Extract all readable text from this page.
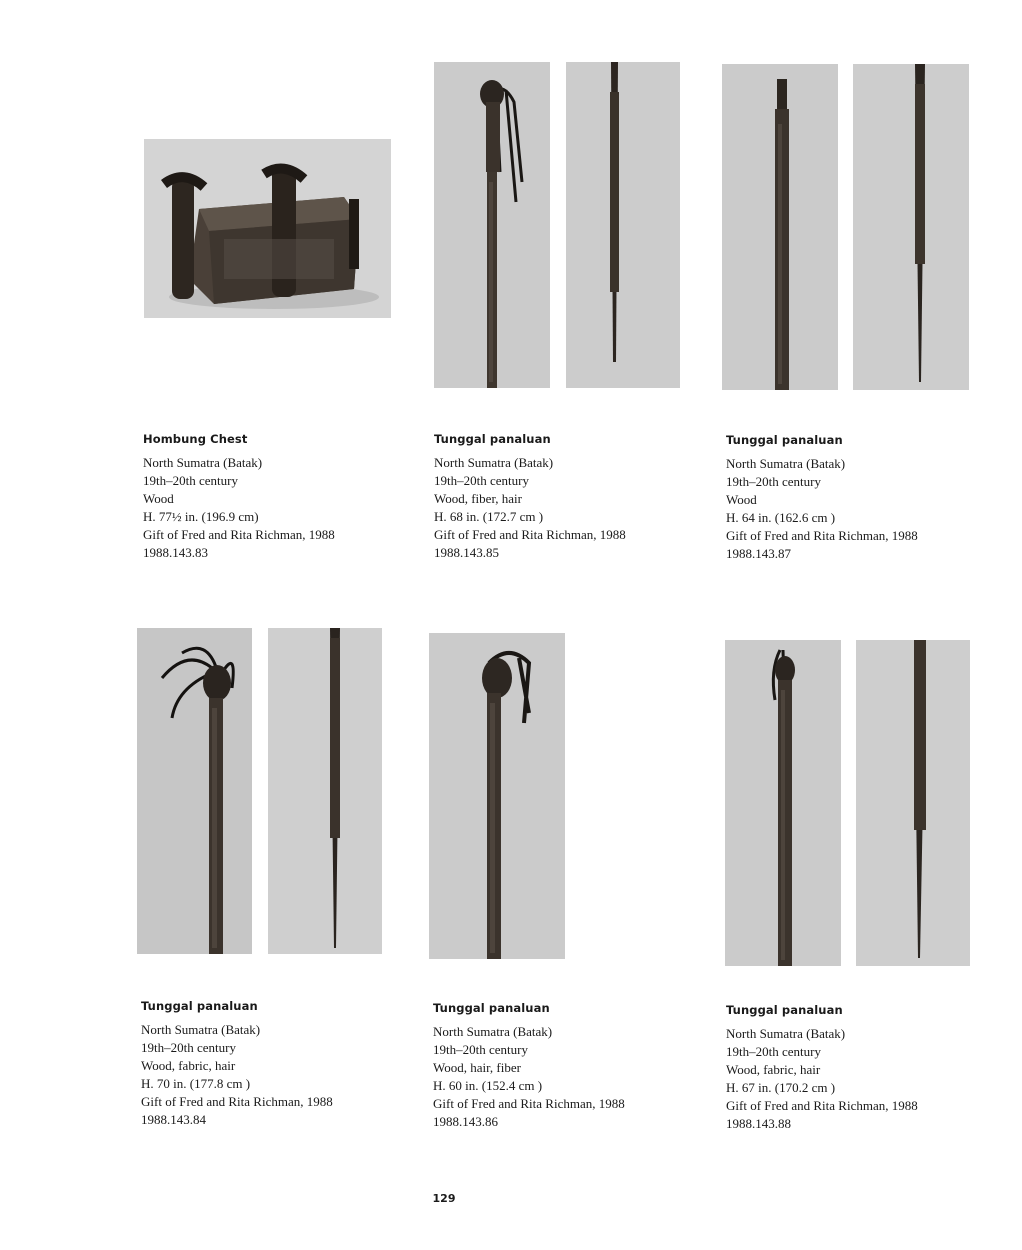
Hombung Chest

North Sumatra (Batak)

19th–20th century

Wood

H. 77½ in. (196.9 cm)

Gift of Fred and Rita Richman, 1988

1988.143.83

Tunggal panaluan

North Sumatra (Batak)

19th–20th century

Wood, fiber, hair

H. 68 in. (172.7 cm )

Gift of Fred and Rita Richman, 1988

1988.143.85

Tunggal panaluan

North Sumatra (Batak)

19th–20th century

Wood

H. 64 in. (162.6 cm )

Gift of Fred and Rita Richman, 1988

1988.143.87

Tunggal panaluan

North Sumatra (Batak)

19th–20th century

Wood, fabric, hair

H. 70 in. (177.8 cm )

Gift of Fred and Rita Richman, 1988

1988.143.84

Tunggal panaluan

North Sumatra (Batak)

19th–20th century

Wood, hair, fiber

H. 60 in. (152.4 cm )

Gift of Fred and Rita Richman, 1988

1988.143.86

Tunggal panaluan

North Sumatra (Batak)

19th–20th century

Wood, fabric, hair

H. 67 in. (170.2 cm )

Gift of Fred and Rita Richman, 1988

1988.143.88

129
